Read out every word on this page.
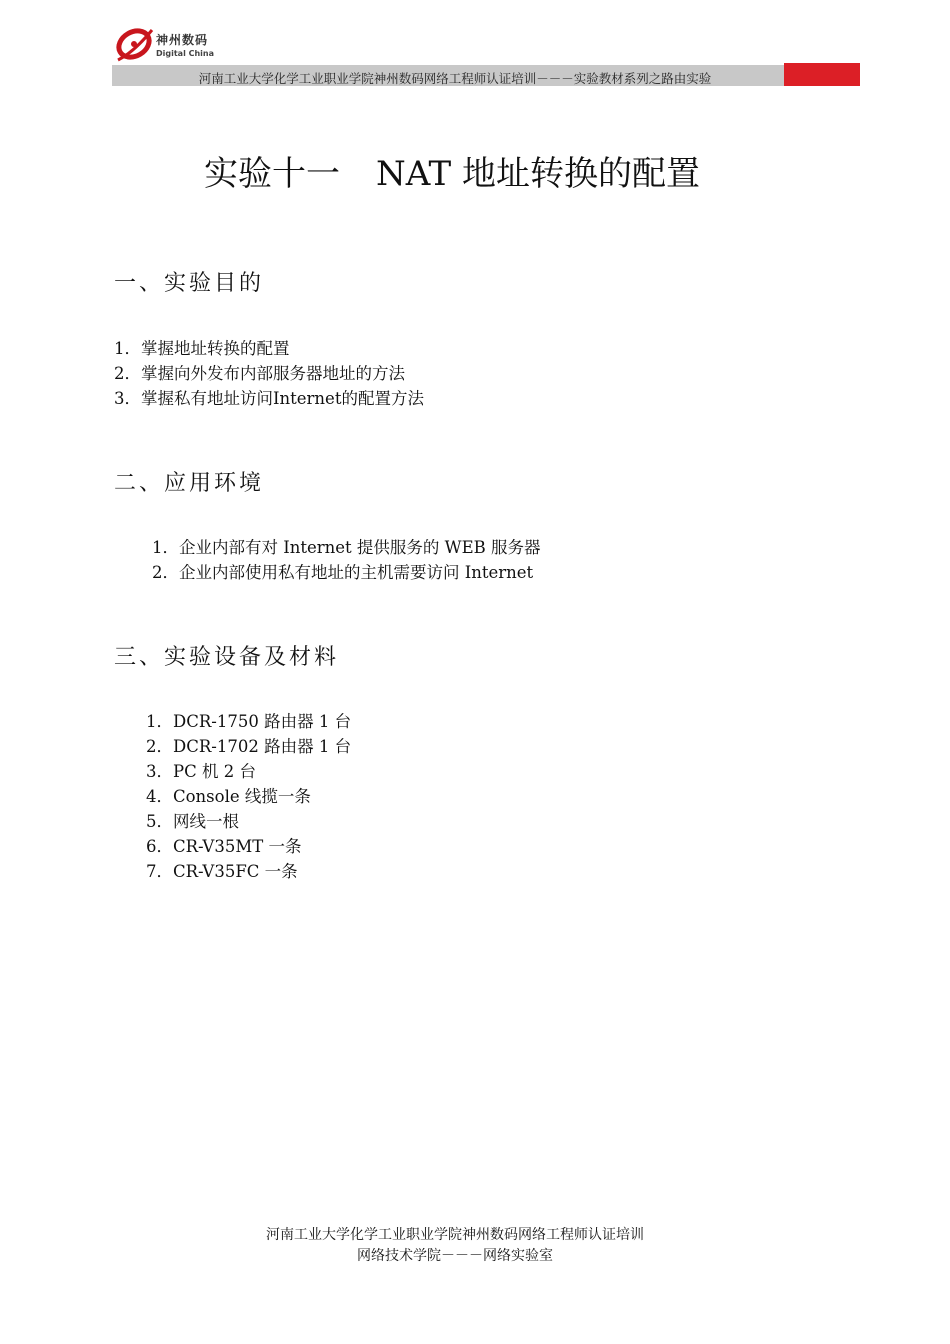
神州数码
Digital China
河南工业大学化学工业职业学院神州数码网络工程师认证培训－－－实验教材系列之路由实验
实验十一 NAT 地址转换的配置
一、实验目的
1．掌握地址转换的配置
2．掌握向外发布内部服务器地址的方法
3．掌握私有地址访问Internet的配置方法
二、应用环境
1．企业内部有对 Internet 提供服务的 WEB 服务器
2．企业内部使用私有地址的主机需要访问 Internet
三、实验设备及材料
1．DCR-1750 路由器 1 台
2．DCR-1702 路由器 1 台
3．PC 机 2 台
4．Console 线揽一条
5．网线一根
6．CR-V35MT 一条
7．CR-V35FC 一条
河南工业大学化学工业职业学院神州数码网络工程师认证培训
网络技术学院－－－网络实验室
